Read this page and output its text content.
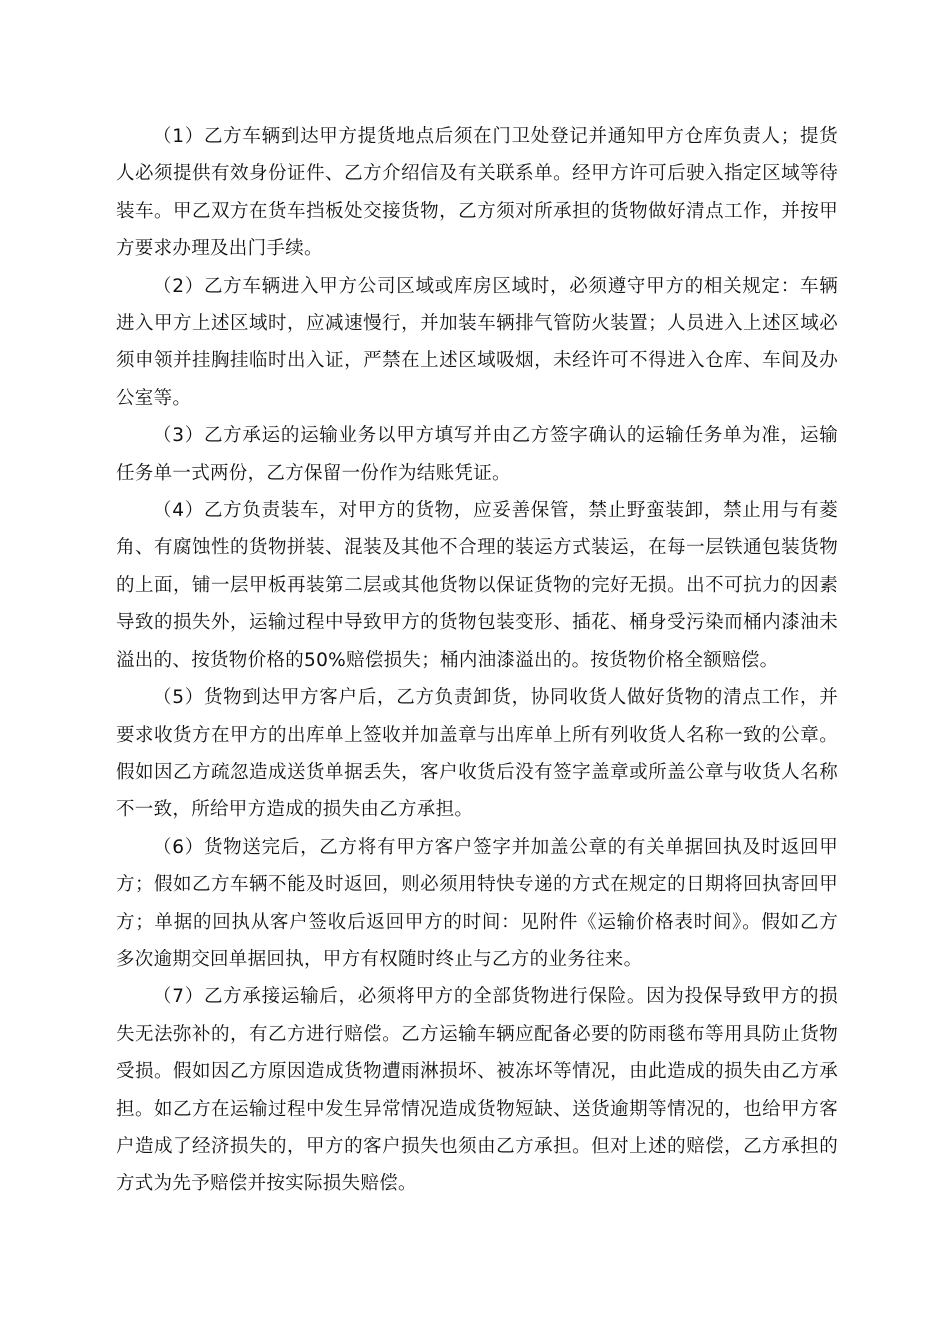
（1）乙方车辆到达甲方提货地点后须在门卫处登记并通知甲方仓库负责人；提货人必须提供有效身份证件、乙方介绍信及有关联系单。经甲方许可后驶入指定区域等待装车。甲乙双方在货车挡板处交接货物，乙方须对所承担的货物做好清点工作，并按甲方要求办理及出门手续。

（2）乙方车辆进入甲方公司区域或库房区域时，必须遵守甲方的相关规定：车辆进入甲方上述区域时，应减速慢行，并加装车辆排气管防火装置；人员进入上述区域必须申领并挂胸挂临时出入证，严禁在上述区域吸烟，未经许可不得进入仓库、车间及办公室等。

（3）乙方承运的运输业务以甲方填写并由乙方签字确认的运输任务单为准，运输任务单一式两份，乙方保留一份作为结账凭证。

（4）乙方负责装车，对甲方的货物，应妥善保管，禁止野蛮装卸，禁止用与有菱角、有腐蚀性的货物拼装、混装及其他不合理的装运方式装运，在每一层铁通包装货物的上面，铺一层甲板再装第二层或其他货物以保证货物的完好无损。出不可抗力的因素导致的损失外，运输过程中导致甲方的货物包装变形、插花、桶身受污染而桶内漆油未溢出的、按货物价格的50%赔偿损失；桶内油漆溢出的。按货物价格全额赔偿。

（5）货物到达甲方客户后，乙方负责卸货，协同收货人做好货物的清点工作，并要求收货方在甲方的出库单上签收并加盖章与出库单上所有列收货人名称一致的公章。假如因乙方疏忽造成送货单据丢失，客户收货后没有签字盖章或所盖公章与收货人名称不一致，所给甲方造成的损失由乙方承担。

（6）货物送完后，乙方将有甲方客户签字并加盖公章的有关单据回执及时返回甲方；假如乙方车辆不能及时返回，则必须用特快专递的方式在规定的日期将回执寄回甲方；单据的回执从客户签收后返回甲方的时间：见附件《运输价格表时间》。假如乙方多次逾期交回单据回执，甲方有权随时终止与乙方的业务往来。

（7）乙方承接运输后，必须将甲方的全部货物进行保险。因为投保导致甲方的损失无法弥补的，有乙方进行赔偿。乙方运输车辆应配备必要的防雨毯布等用具防止货物受损。假如因乙方原因造成货物遭雨淋损坏、被冻坏等情况，由此造成的损失由乙方承担。如乙方在运输过程中发生异常情况造成货物短缺、送货逾期等情况的，也给甲方客户造成了经济损失的，甲方的客户损失也须由乙方承担。但对上述的赔偿，乙方承担的方式为先予赔偿并按实际损失赔偿。
